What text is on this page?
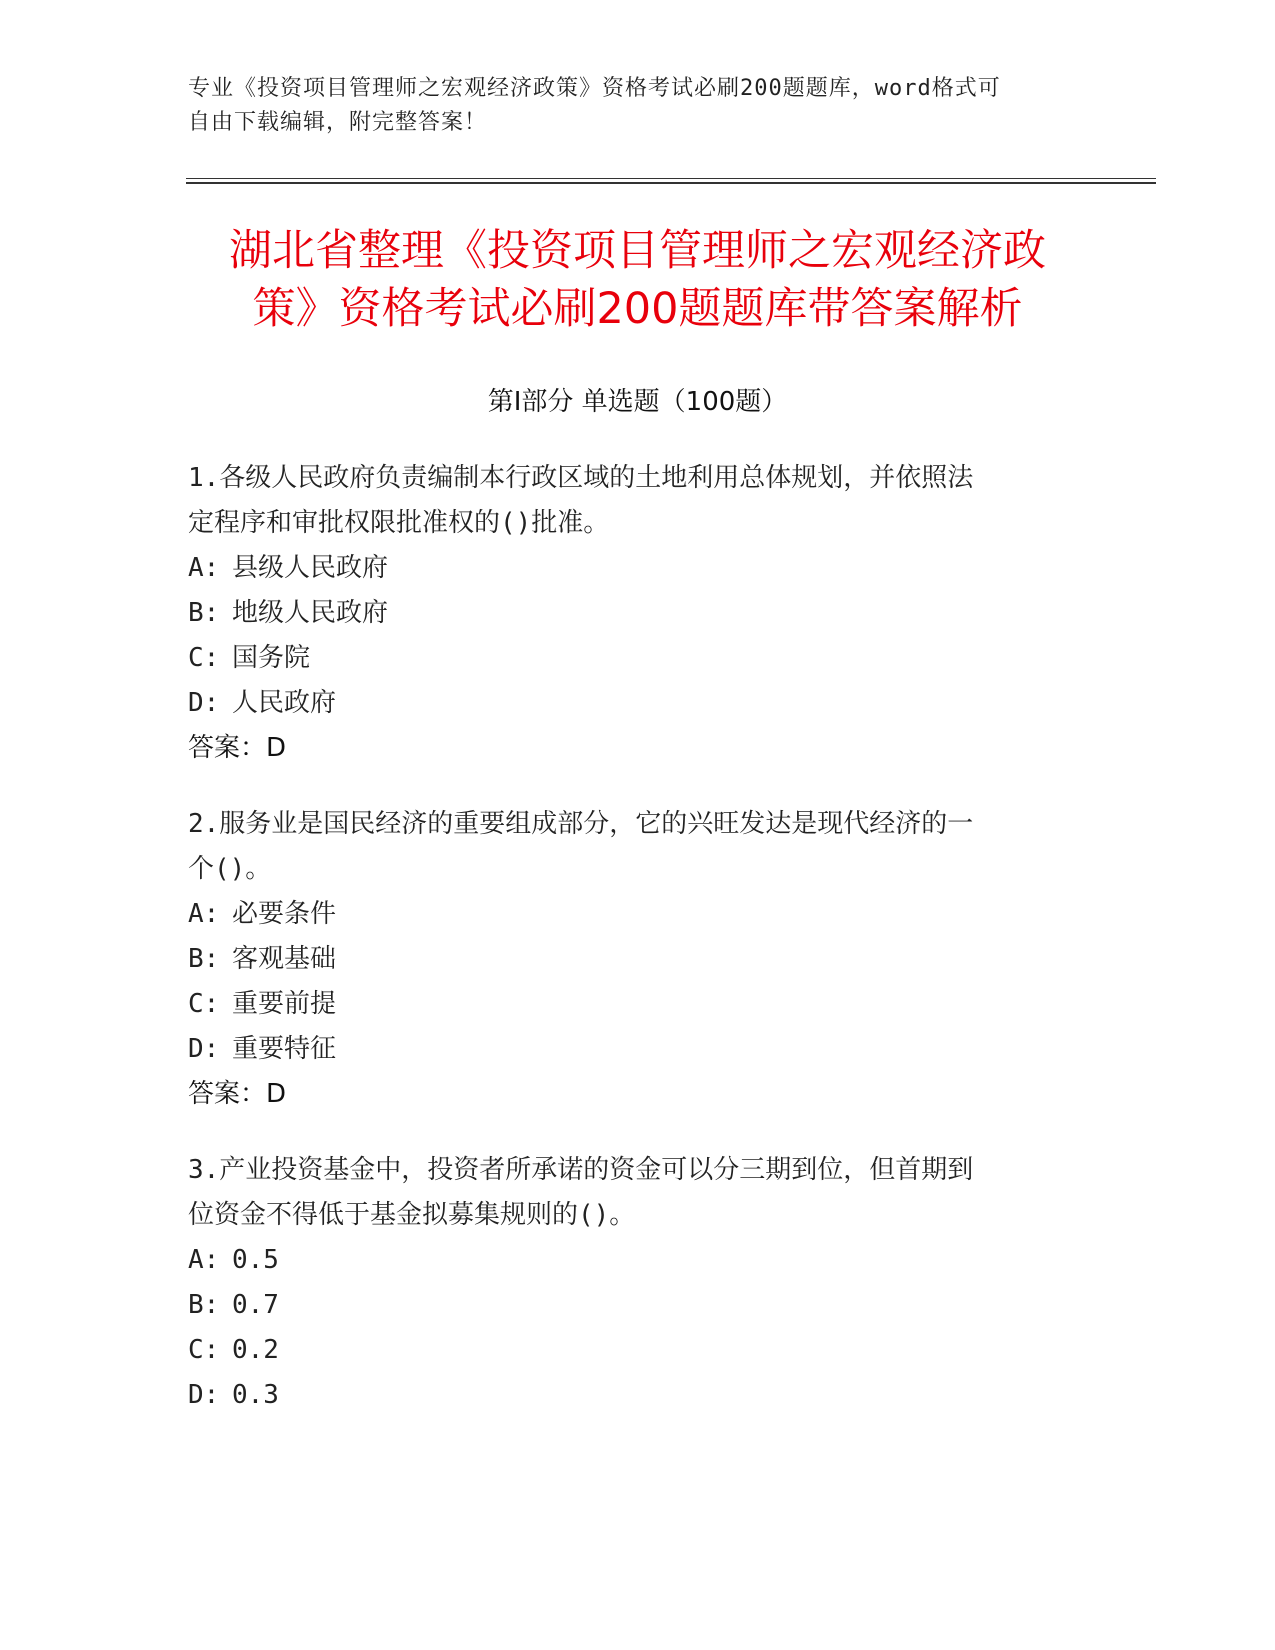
专业《投资项目管理师之宏观经济政策》资格考试必刷200题题库，word格式可
自由下载编辑，附完整答案！
湖北省整理《投资项目管理师之宏观经济政
策》资格考试必刷200题题库带答案解析
第Ⅰ部分 单选题（100题）
1.各级人民政府负责编制本行政区域的土地利用总体规划，并依照法
定程序和审批权限批准权的()批准。
A: 县级人民政府
B: 地级人民政府
C: 国务院
D: 人民政府
答案：D
2.服务业是国民经济的重要组成部分，它的兴旺发达是现代经济的一
个()。
A: 必要条件
B: 客观基础
C: 重要前提
D: 重要特征
答案：D
3.产业投资基金中，投资者所承诺的资金可以分三期到位，但首期到
位资金不得低于基金拟募集规则的()。
A: 0.5
B: 0.7
C: 0.2
D: 0.3
